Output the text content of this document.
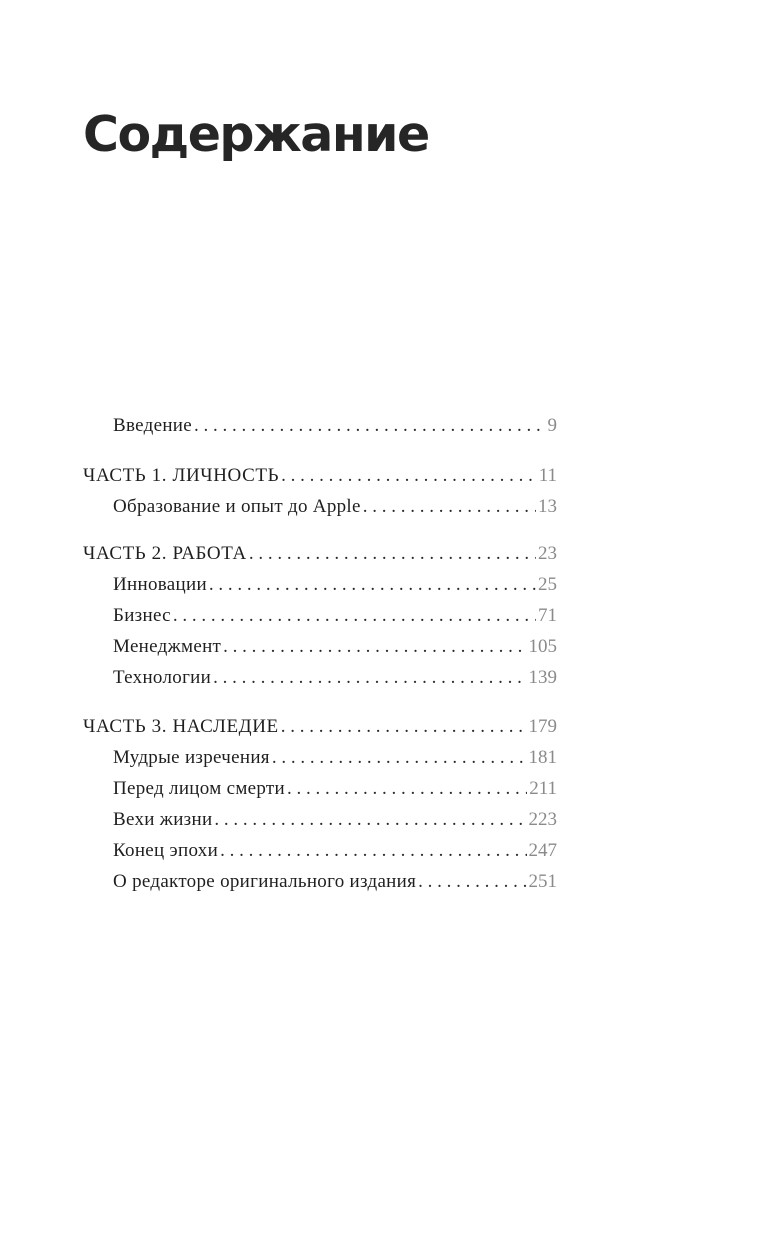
Содержание
Введение . . .	9
ЧАСТЬ 1. ЛИЧНОСТЬ . . .	11
Образование и опыт до Apple . . .	13
ЧАСТЬ 2. РАБОТА . . .	23
Инновации . . .	25
Бизнес . . .	71
Менеджмент . . .	105
Технологии . . .	139
ЧАСТЬ 3. НАСЛЕДИЕ . . .	179
Мудрые изречения . . .	181
Перед лицом смерти . . .	211
Вехи жизни . . .	223
Конец эпохи . . .	247
О редакторе оригинального издания . . .	251
